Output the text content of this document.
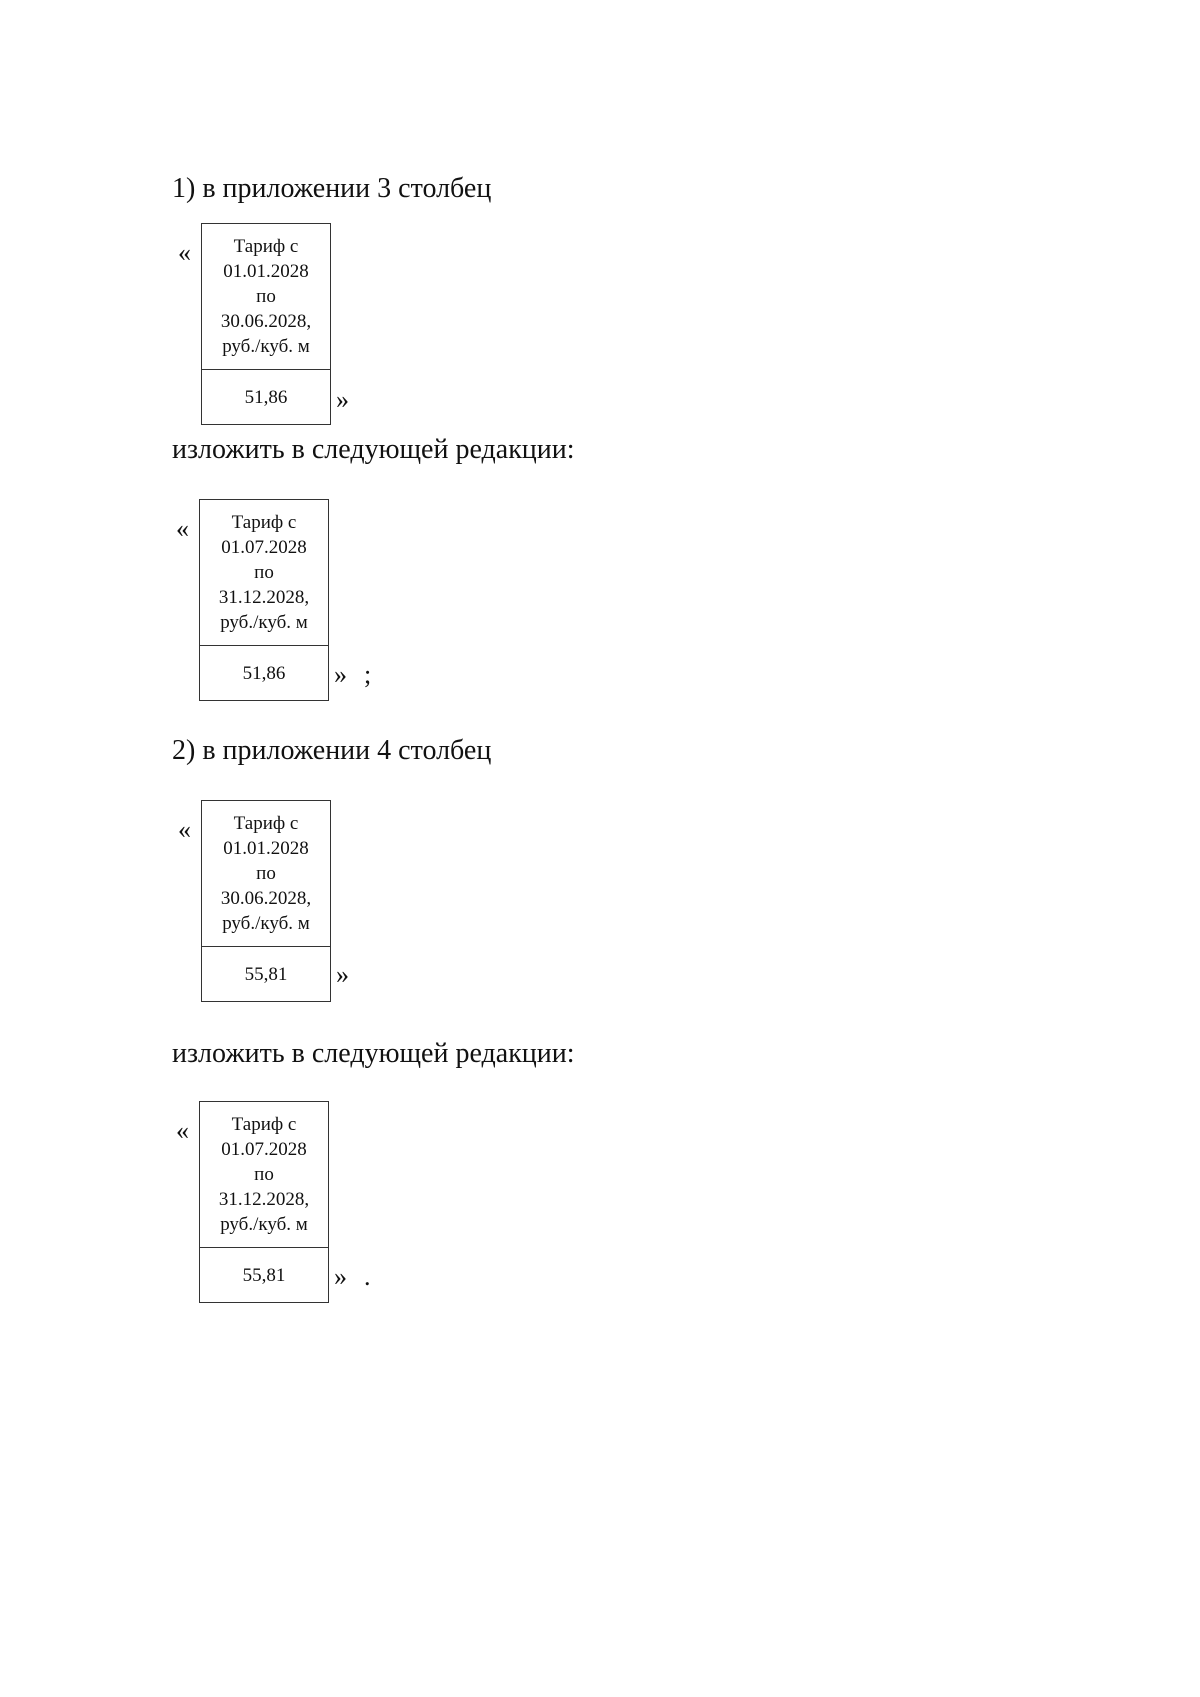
1) в приложении 3 столбец

«	Тариф с
01.01.2028
по
30.06.2028,
руб./куб. м

51,86 »

изложить в следующей редакции:

«	Тариф с
01.07.2028
по
31.12.2028,
руб./куб. м

51,86 » ;

2) в приложении 4 столбец

«	Тариф с
01.01.2028
по
30.06.2028,
руб./куб. м

55,81 »

изложить в следующей редакции:

«	Тариф с
01.07.2028
по
31.12.2028,
руб./куб. м

55,81 » .
